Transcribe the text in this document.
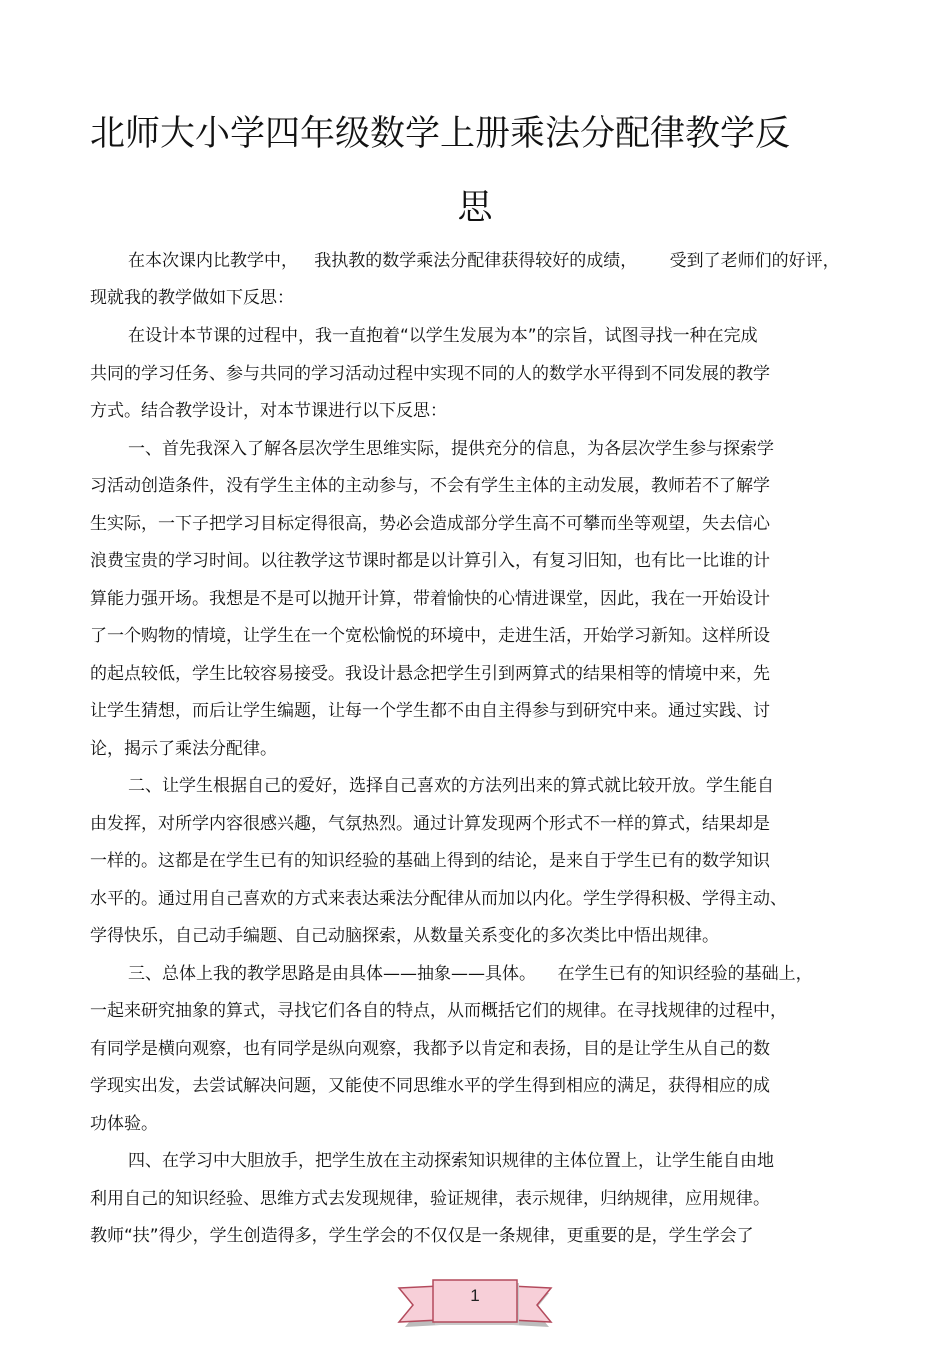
北师大小学四年级数学上册乘法分配律教学反
思

在本次课内比教学中，   我执教的数学乘法分配律获得较好的成绩，      受到了老师们的好评，

现就我的教学做如下反思：

在设计本节课的过程中，我一直抱着“以学生发展为本”的宗旨，试图寻找一种在完成

共同的学习任务、参与共同的学习活动过程中实现不同的人的数学水平得到不同发展的教学

方式。结合教学设计，对本节课进行以下反思：

一、首先我深入了解各层次学生思维实际，提供充分的信息，为各层次学生参与探索学

习活动创造条件，没有学生主体的主动参与，不会有学生主体的主动发展，教师若不了解学

生实际，一下子把学习目标定得很高，势必会造成部分学生高不可攀而坐等观望，失去信心

浪费宝贵的学习时间。以往教学这节课时都是以计算引入，有复习旧知，也有比一比谁的计

算能力强开场。我想是不是可以抛开计算，带着愉快的心情进课堂，因此，我在一开始设计

了一个购物的情境，让学生在一个宽松愉悦的环境中，走进生活，开始学习新知。这样所设

的起点较低，学生比较容易接受。我设计悬念把学生引到两算式的结果相等的情境中来，先

让学生猜想，而后让学生编题，让每一个学生都不由自主得参与到研究中来。通过实践、讨

论，揭示了乘法分配律。

二、让学生根据自己的爱好，选择自己喜欢的方法列出来的算式就比较开放。学生能自

由发挥，对所学内容很感兴趣，气氛热烈。通过计算发现两个形式不一样的算式，结果却是

一样的。这都是在学生已有的知识经验的基础上得到的结论，是来自于学生已有的数学知识

水平的。通过用自己喜欢的方式来表达乘法分配律从而加以内化。学生学得积极、学得主动、

学得快乐，自己动手编题、自己动脑探索，从数量关系变化的多次类比中悟出规律。

三、总体上我的教学思路是由具体——抽象——具体。    在学生已有的知识经验的基础上，

一起来研究抽象的算式，寻找它们各自的特点，从而概括它们的规律。在寻找规律的过程中，

有同学是横向观察，也有同学是纵向观察，我都予以肯定和表扬，目的是让学生从自己的数

学现实出发，去尝试解决问题，又能使不同思维水平的学生得到相应的满足，获得相应的成

功体验。

四、在学习中大胆放手，把学生放在主动探索知识规律的主体位置上，让学生能自由地

利用自己的知识经验、思维方式去发现规律，验证规律，表示规律，归纳规律，应用规律。

教师“扶”得少，学生创造得多，学生学会的不仅仅是一条规律，更重要的是，学生学会了

1
